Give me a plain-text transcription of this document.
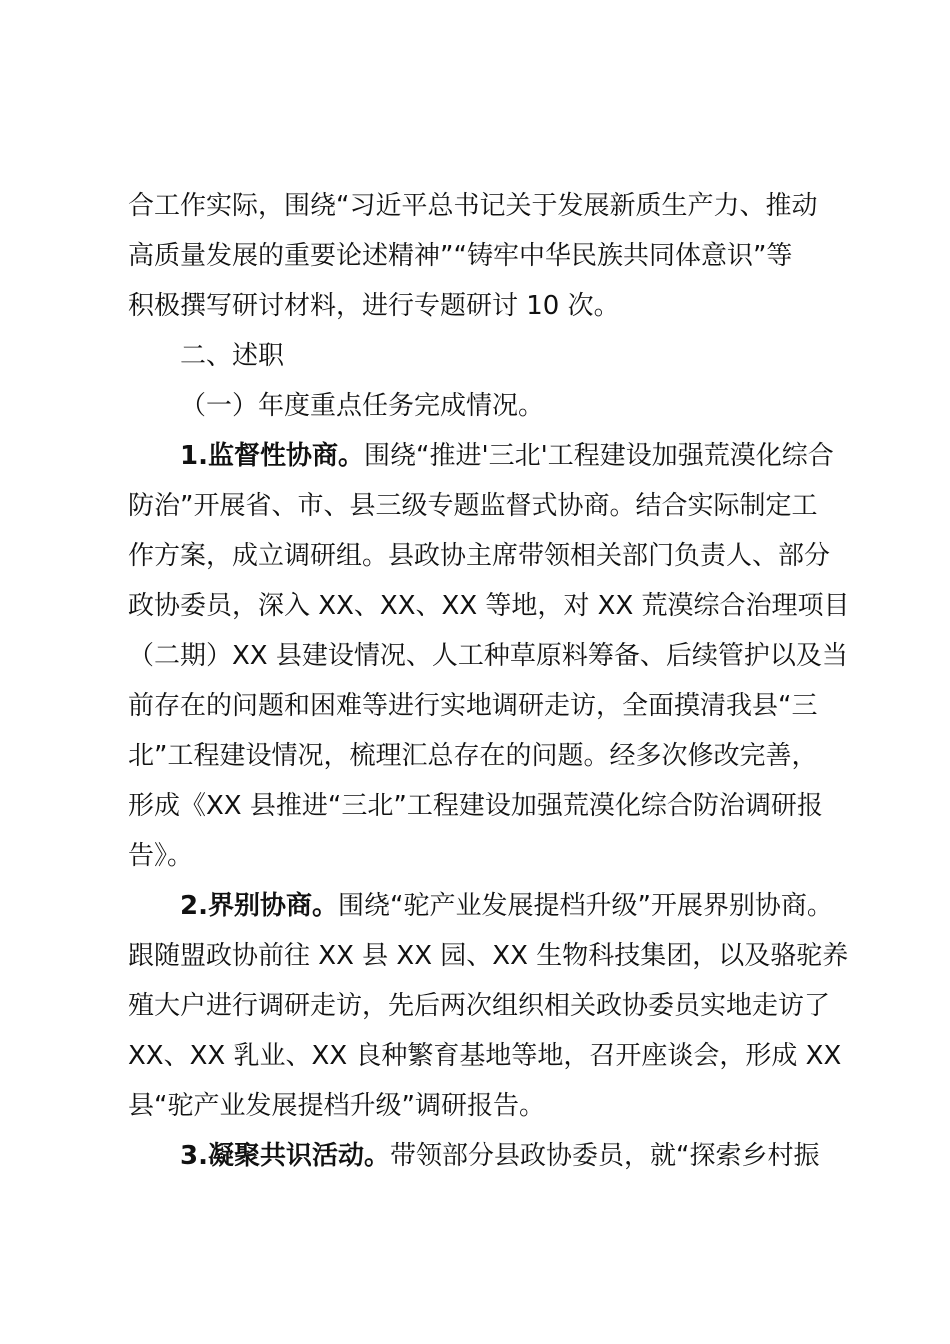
合工作实际，围绕“习近平总书记关于发展新质生产力、推动
高质量发展的重要论述精神”“铸牢中华民族共同体意识”等
积极撰写研讨材料，进行专题研讨 10 次。
二、述职
（一）年度重点任务完成情况。
1.监督性协商。围绕“推进'三北'工程建设加强荒漠化综合
防治”开展省、市、县三级专题监督式协商。结合实际制定工
作方案，成立调研组。县政协主席带领相关部门负责人、部分
政协委员，深入 XX、XX、XX 等地，对 XX 荒漠综合治理项目
（二期）XX 县建设情况、人工种草原料筹备、后续管护以及当
前存在的问题和困难等进行实地调研走访，全面摸清我县“三
北”工程建设情况，梳理汇总存在的问题。经多次修改完善，
形成《XX 县推进“三北”工程建设加强荒漠化综合防治调研报
告》。
2.界别协商。围绕“驼产业发展提档升级”开展界别协商。
跟随盟政协前往 XX 县 XX 园、XX 生物科技集团，以及骆驼养
殖大户进行调研走访，先后两次组织相关政协委员实地走访了
XX、XX 乳业、XX 良种繁育基地等地，召开座谈会，形成 XX
县“驼产业发展提档升级”调研报告。
3.凝聚共识活动。带领部分县政协委员，就“探索乡村振
